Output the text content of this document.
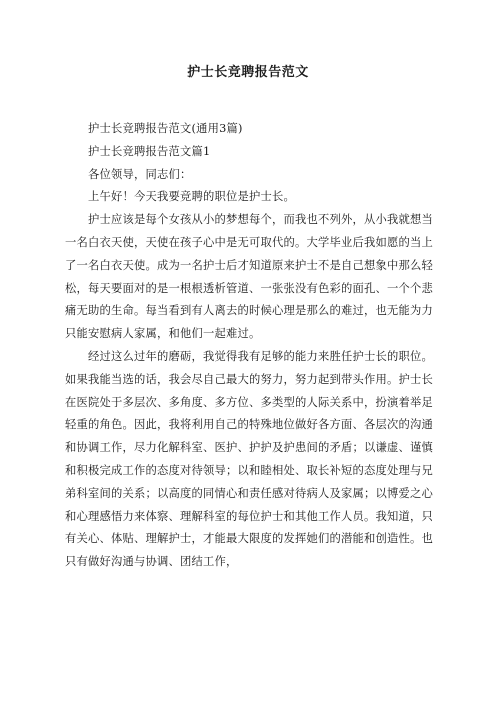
护士长竞聘报告范文

护士长竞聘报告范文(通用3篇)

护士长竞聘报告范文篇1

各位领导，同志们：

上午好！今天我要竞聘的职位是护士长。

护士应该是每个女孩从小的梦想每个，而我也不列外，从小我就想当一名白衣天使，天使在孩子心中是无可取代的。大学毕业后我如愿的当上了一名白衣天使。成为一名护士后才知道原来护士不是自己想象中那么轻松，每天要面对的是一根根透析管道、一张张没有色彩的面孔、一个个悲痛无助的生命。每当看到有人离去的时候心理是那么的难过，也无能为力只能安慰病人家属，和他们一起难过。

经过这么过年的磨砺，我觉得我有足够的能力来胜任护士长的职位。如果我能当选的话，我会尽自己最大的努力，努力起到带头作用。护士长在医院处于多层次、多角度、多方位、多类型的人际关系中，扮演着举足轻重的角色。因此，我将利用自己的特殊地位做好各方面、各层次的沟通和协调工作，尽力化解科室、医护、护护及护患间的矛盾；以谦虚、谨慎和积极完成工作的态度对待领导；以和睦相处、取长补短的态度处理与兄弟科室间的关系；以高度的同情心和责任感对待病人及家属；以博爱之心和心理感悟力来体察、理解科室的每位护士和其他工作人员。我知道，只有关心、体贴、理解护士，才能最大限度的发挥她们的潜能和创造性。也只有做好沟通与协调、团结工作，
